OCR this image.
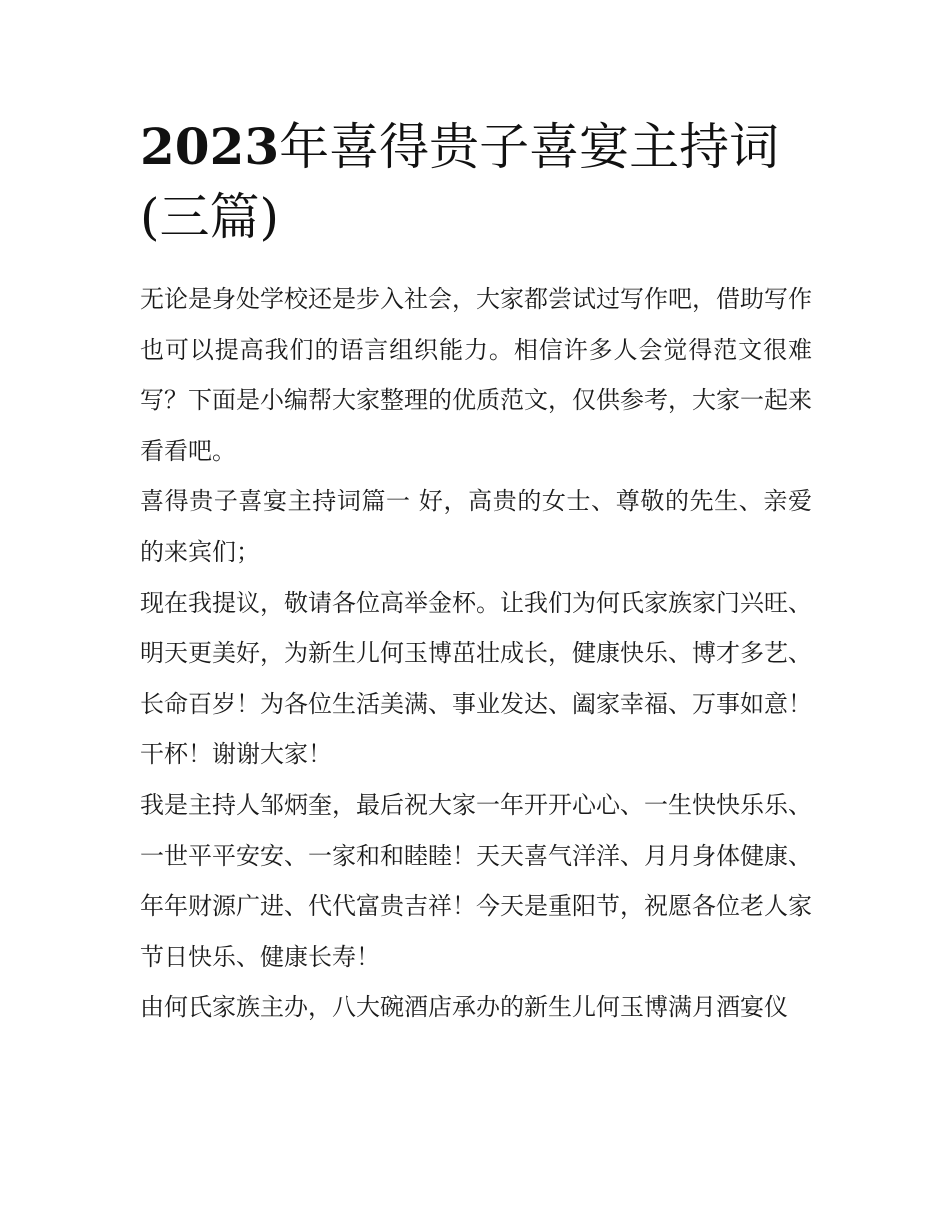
2023年喜得贵子喜宴主持词(三篇)

无论是身处学校还是步入社会，大家都尝试过写作吧，借助写作也可以提高我们的语言组织能力。相信许多人会觉得范文很难写？下面是小编帮大家整理的优质范文，仅供参考，大家一起来看看吧。

喜得贵子喜宴主持词篇一 好，高贵的女士、尊敬的先生、亲爱的来宾们；

现在我提议，敬请各位高举金杯。让我们为何氏家族家门兴旺、明天更美好，为新生儿何玉博茁壮成长，健康快乐、博才多艺、长命百岁！为各位生活美满、事业发达、阖家幸福、万事如意！

干杯！谢谢大家！

我是主持人邹炳奎，最后祝大家一年开开心心、一生快快乐乐、一世平平安安、一家和和睦睦！天天喜气洋洋、月月身体健康、年年财源广进、代代富贵吉祥！今天是重阳节，祝愿各位老人家节日快乐、健康长寿！

由何氏家族主办，八大碗酒店承办的新生儿何玉博满月酒宴仪
